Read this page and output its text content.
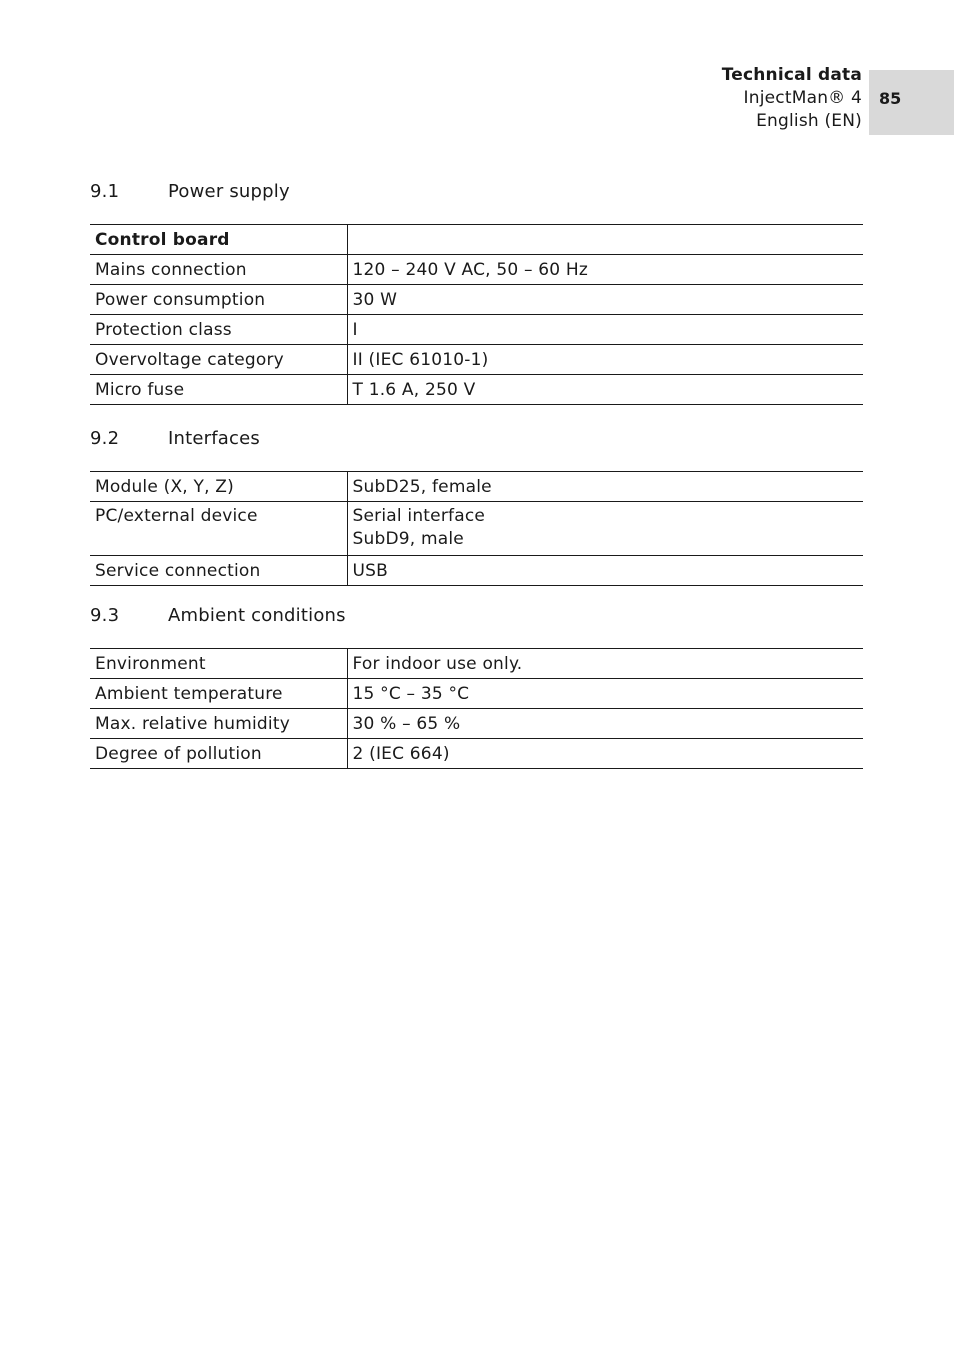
Technical data
InjectMan® 4
English (EN)
85
9.1	Power supply
Control board	
Mains connection	120 – 240 V AC, 50 – 60 Hz
Power consumption	30 W
Protection class	I
Overvoltage category	II (IEC 61010-1)
Micro fuse	T 1.6 A, 250 V
9.2	Interfaces
Module (X, Y, Z)	SubD25, female
PC/external device	Serial interface
SubD9, male

Service connection	USB
9.3	Ambient conditions
Environment	For indoor use only.
Ambient temperature	15 °C – 35 °C
Max. relative humidity	30 % – 65 %
Degree of pollution	2 (IEC 664)
